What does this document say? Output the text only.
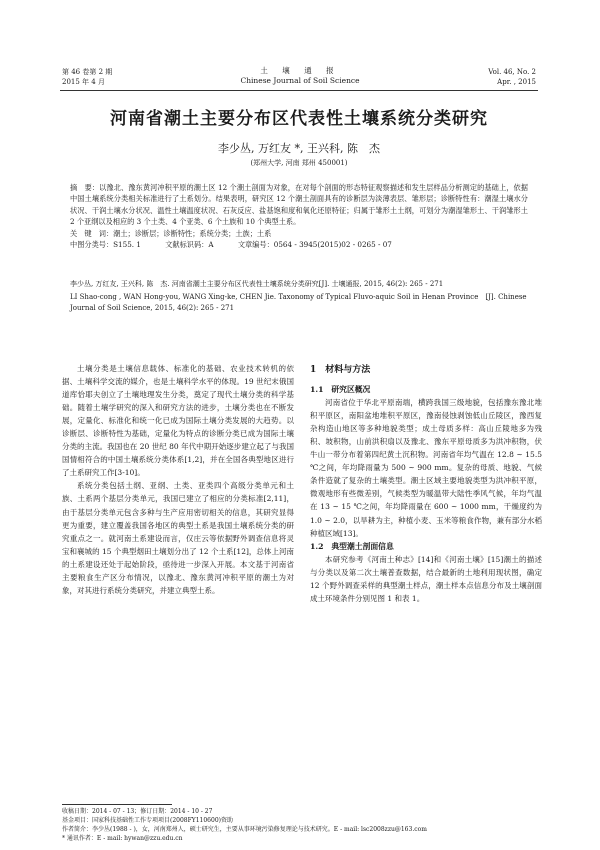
第 46 卷第 2 期
2015 年 4 月
土 壤 通 报
Chinese Journal of Soil Science
Vol. 46, No. 2
Apr. , 2015
河南省潮土主要分布区代表性土壤系统分类研究
李少丛, 万红友 *, 王兴科, 陈　杰
(郑州大学, 河南 郑州 450001)

摘　要：以豫北、豫东黄河冲积平原的潮土区 12 个潮土剖面为对象，在对每个剖面的形态特征观察描述和发生层样品分析测定的基础上，依据中国土壤系统分类相关标准进行了土系划分。结果表明，研究区 12 个潮土剖面具有的诊断层为淡薄表层、雏形层；诊断特性有：潮湿土壤水分状况、干润土壤水分状况、温性土壤温度状况、石灰反应、盐基饱和度和氧化还原特征；归属于雏形土土纲，可划分为潮湿雏形土、干润雏形土 2 个亚纲以及相应的 3 个土类、4 个亚类、6 个土族和 10 个典型土系。

关　键　词：潮土；诊断层；诊断特性；系统分类；土族；土系

中图分类号：S155. 1	文献标识码：A	文章编号：0564 - 3945(2015)02 - 0265 - 07

李少丛, 万红友, 王兴科, 陈　杰. 河南省潮土主要分布区代表性土壤系统分类研究[J]. 土壤通报, 2015, 46(2): 265 - 271

LI Shao-cong , WAN Hong-you, WANG Xing-ke, CHEN Jie. Taxonomy of Typical Fluvo-aquic Soil in Henan Province　[J]. Chinese Journal of Soil Science, 2015, 46(2): 265 - 271

土壤分类是土壤信息载体、标准化的基础、农业技术转机的依据、土壤科学交流的媒介，也是土壤科学水平的体现。19 世纪末俄国道库恰耶夫创立了土壤地理发生分类，奠定了现代土壤分类的科学基础。随着土壤学研究的深入和研究方法的进步，土壤分类也在不断发展，定量化、标准化和统一化已成为国际土壤分类发展的大趋势。以诊断层、诊断特性为基础，定量化为特点的诊断分类已成为国际土壤分类的主流。我国也在 20 世纪 80 年代中期开始逐步建立起了与我国国情相符合的中国土壤系统分类体系[1,2]，并在全国各典型地区进行了土系研究工作[3-10]。

系统分类包括土纲、亚纲、土类、亚类四个高级分类单元和土族、土系两个基层分类单元，我国已建立了相应的分类标准[2,11]，由于基层分类单元包含多种与生产应用密切相关的信息，其研究显得更为重要，建立覆盖我国各地区的典型土系是我国土壤系统分类的研究重点之一。就河南土系建设而言，仅庄云等依据野外调查信息将灵宝和襄城的 15 个典型烟田土壤划分出了 12 个土系[12]，总体上河南的土系建设还处于起始阶段，亟待进一步深入开展。本文基于河南省主要粮食生产区分布情况，以豫北、豫东黄河冲积平原的潮土为对象，对其进行系统分类研究，并建立典型土系。

1　材料与方法
1.1　研究区概况

河南省位于华北平原南端，横跨我国三级地貌，包括豫东豫北堆积平原区，南阳盆地堆积平原区，豫南侵蚀剥蚀低山丘陵区，豫西复杂构造山地区等多种地貌类型；成土母质多样：高山丘陵地多为残积、坡积物，山前洪积扇以及豫北、豫东平原母质多为洪冲积物，伏牛山一带分布着第四纪黄土沉积物。河南省年均气温在 12.8 ~ 15.5 ℃之间，年均降雨量为 500 ~ 900 mm。复杂的母质、地貌、气候条件造就了复杂的土壤类型。潮土区域主要地貌类型为洪冲积平原，微观地形有些微差别，气候类型为暖温带大陆性季风气候，年均气温在 13 ~ 15 ℃之间，年均降雨量在 600 ~ 1000 mm，干燥度约为 1.0 ~ 2.0，以旱耕为主，种植小麦、玉米等粮食作物，兼有部分水稻种植区域[13]。

1.2　典型潮土剖面信息

本研究参考《河南土种志》[14]和《河南土壤》[15]潮土的描述与分类以及第二次土壤普查数据，结合最新的土地利用现状图，确定 12 个野外调查采样的典型潮土样点，潮土样本点信息分布及土壤剖面成土环境条件分别见图 1 和表 1。

收稿日期：2014 - 07 - 13；修订日期：2014 - 10 - 27
基金项目：国家科技基础性工作专项项目(2008FY110600)资助
作者简介：李少丛(1988 - )，女，河南郑州人，硕士研究生，主要从事环境污染修复理论与技术研究。E - mail: lsc2008zzu@163.com
* 通讯作者：E - mail: hywan@zzu.edu.cn
